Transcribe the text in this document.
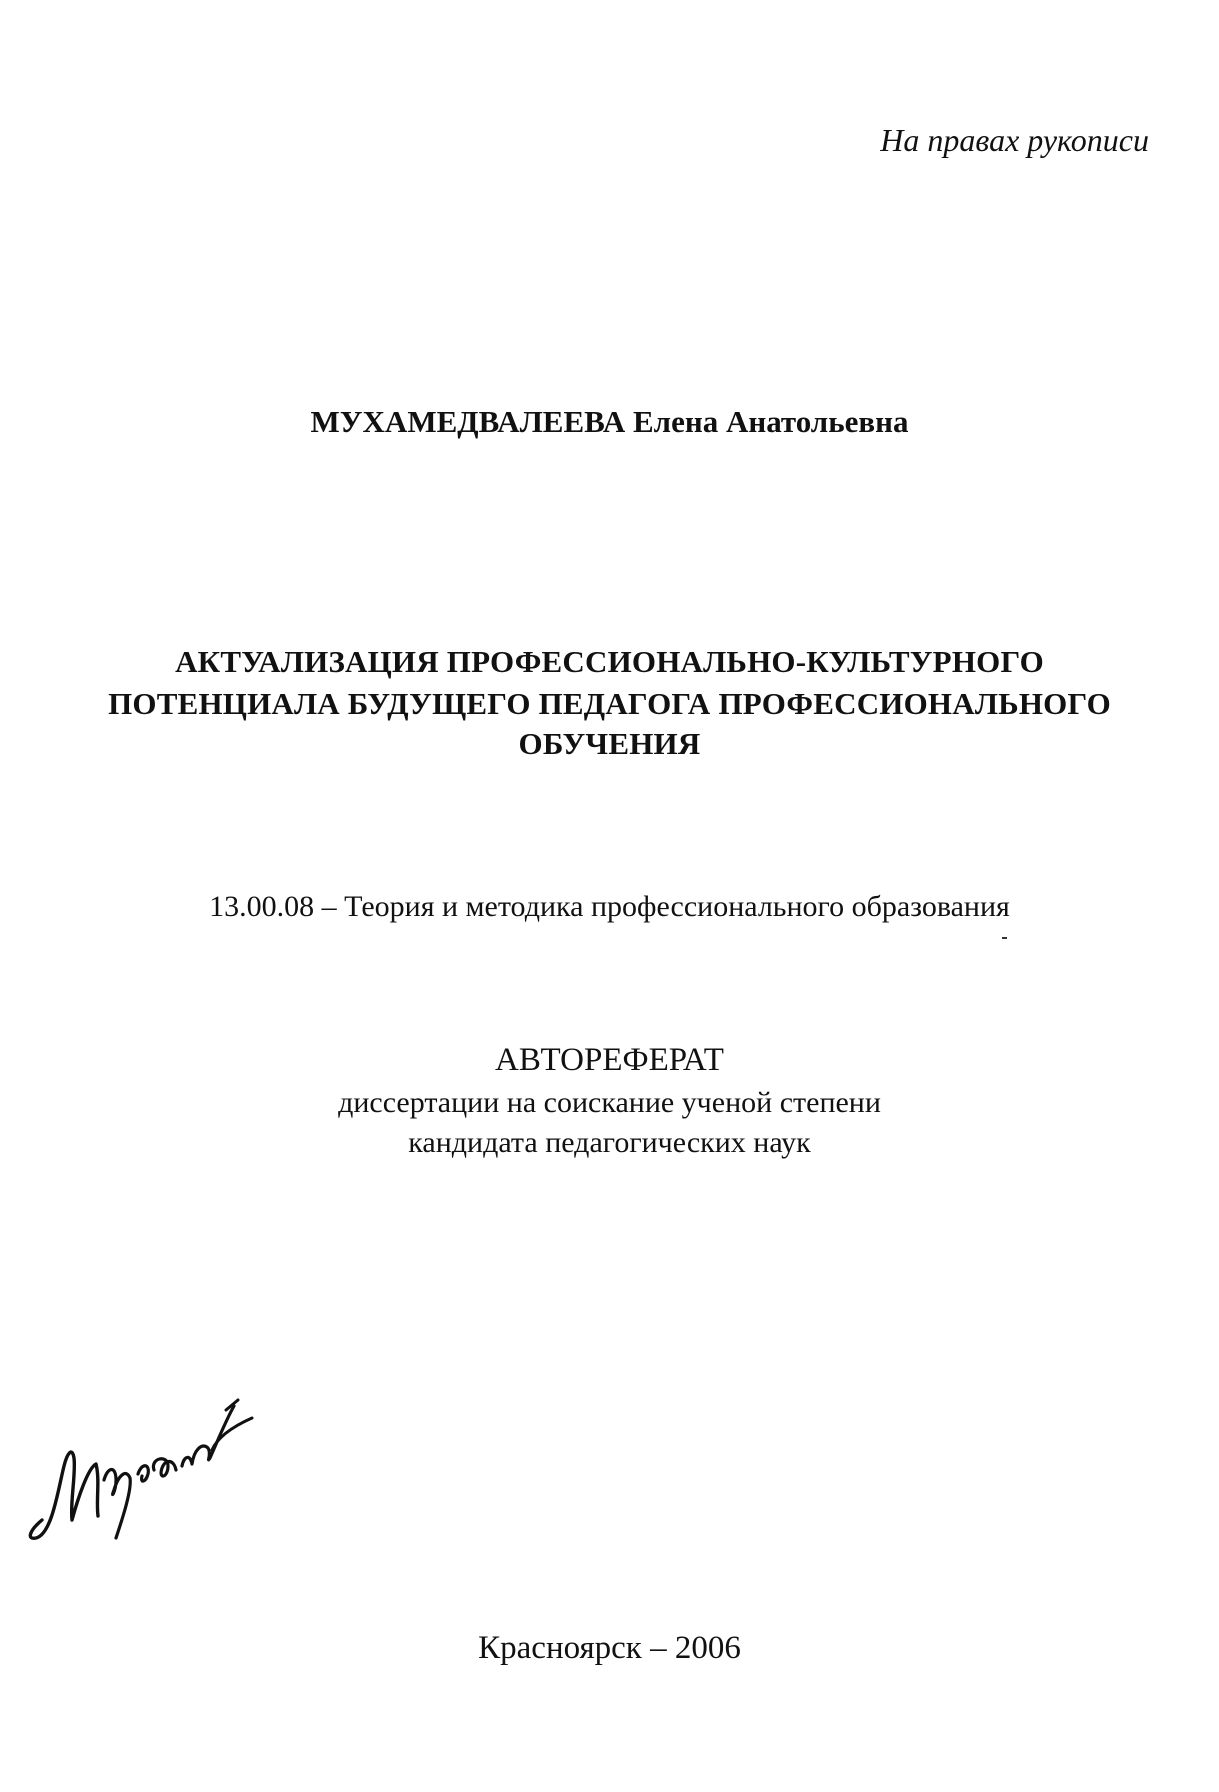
На правах рукописи
МУХАМЕДВАЛЕЕВА Елена Анатольевна
АКТУАЛИЗАЦИЯ ПРОФЕССИОНАЛЬНО-КУЛЬТУРНОГО
ПОТЕНЦИАЛА БУДУЩЕГО ПЕДАГОГА ПРОФЕССИОНАЛЬНОГО
ОБУЧЕНИЯ
13.00.08 – Теория и методика профессионального образования
АВТОРЕФЕРАТ
диссертации на соискание ученой степени
кандидата педагогических наук
Красноярск – 2006
